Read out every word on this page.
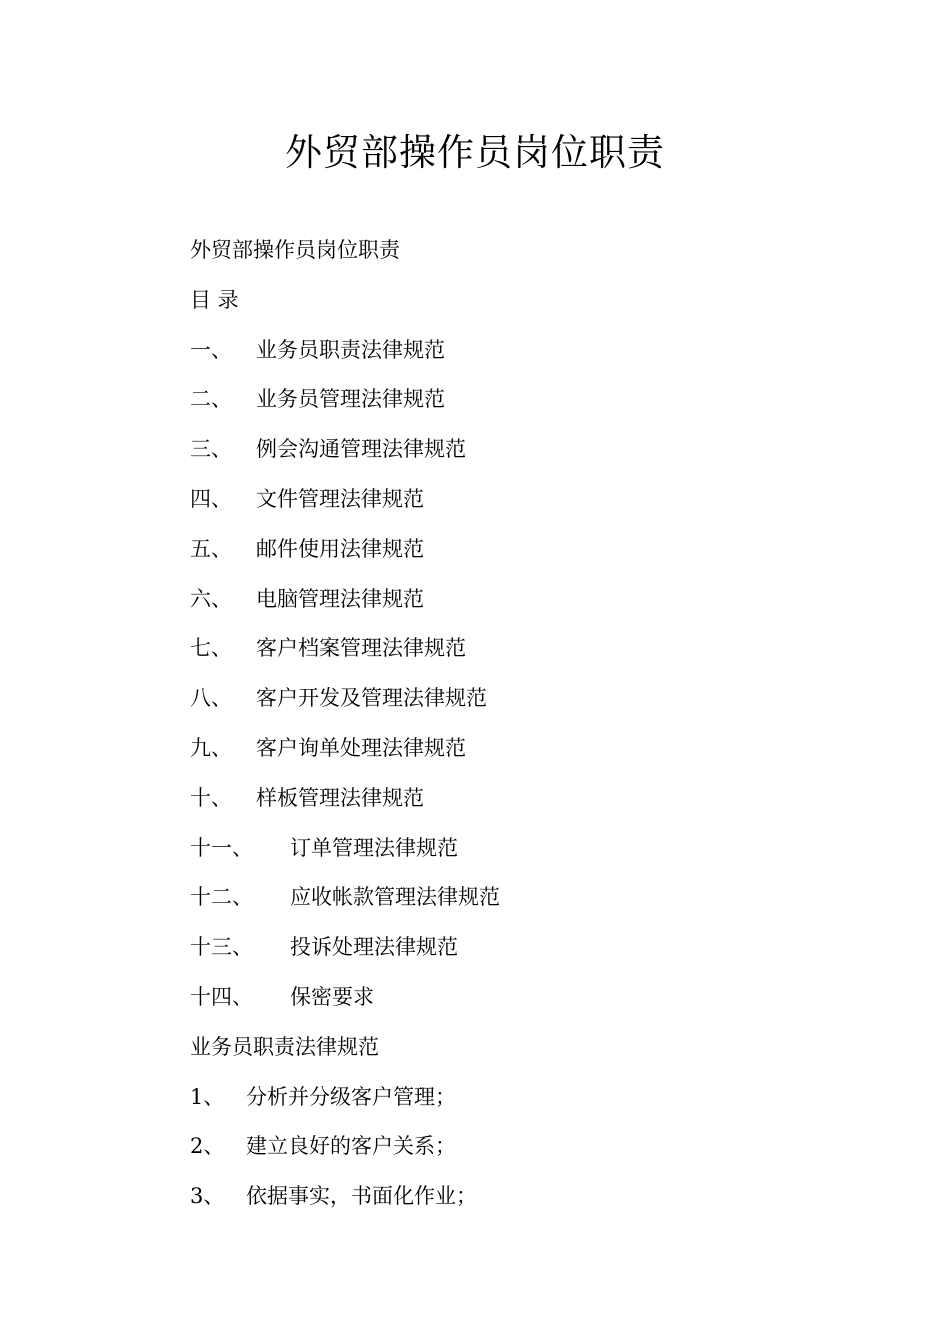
外贸部操作员岗位职责
外贸部操作员岗位职责
目 录
一、	业务员职责法律规范
二、	业务员管理法律规范
三、	例会沟通管理法律规范
四、	文件管理法律规范
五、	邮件使用法律规范
六、	电脑管理法律规范
七、	客户档案管理法律规范
八、	客户开发及管理法律规范
九、	客户询单处理法律规范
十、	样板管理法律规范
十一、	订单管理法律规范
十二、	应收帐款管理法律规范
十三、	投诉处理法律规范
十四、	保密要求
业务员职责法律规范
1、	分析并分级客户管理；
2、	建立良好的客户关系；
3、	依据事实，书面化作业；
